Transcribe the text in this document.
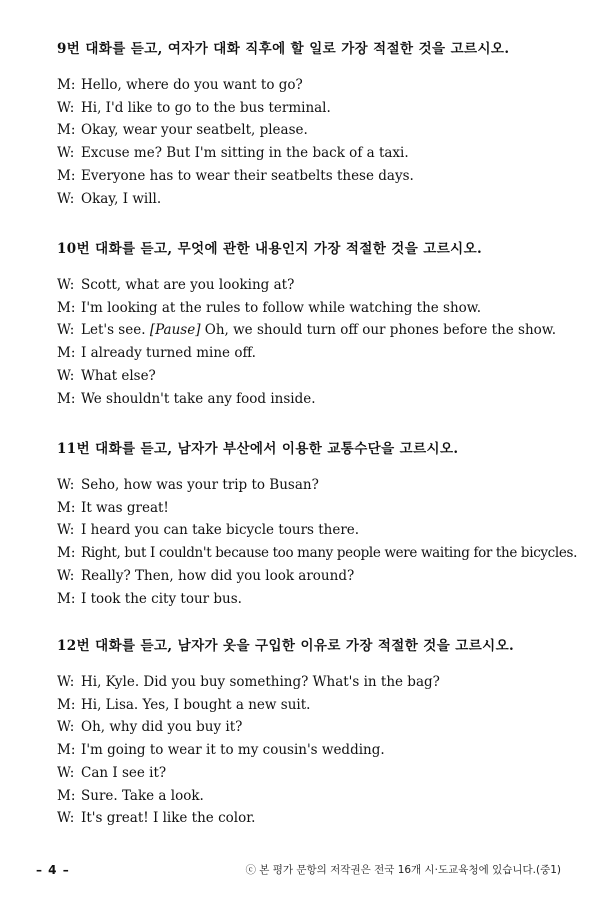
9번 대화를 듣고, 여자가 대화 직후에 할 일로 가장 적절한 것을 고르시오.
M: Hello, where do you want to go?
W: Hi, I'd like to go to the bus terminal.
M: Okay, wear your seatbelt, please.
W: Excuse me? But I'm sitting in the back of a taxi.
M: Everyone has to wear their seatbelts these days.
W: Okay, I will.
10번 대화를 듣고, 무엇에 관한 내용인지 가장 적절한 것을 고르시오.
W: Scott, what are you looking at?
M: I'm looking at the rules to follow while watching the show.
W: Let's see. [Pause] Oh, we should turn off our phones before the show.
M: I already turned mine off.
W: What else?
M: We shouldn't take any food inside.
11번 대화를 듣고, 남자가 부산에서 이용한 교통수단을 고르시오.
W: Seho, how was your trip to Busan?
M: It was great!
W: I heard you can take bicycle tours there.
M: Right, but I couldn't because too many people were waiting for the bicycles.
W: Really? Then, how did you look around?
M: I took the city tour bus.
12번 대화를 듣고, 남자가 옷을 구입한 이유로 가장 적절한 것을 고르시오.
W: Hi, Kyle. Did you buy something? What's in the bag?
M: Hi, Lisa. Yes, I bought a new suit.
W: Oh, why did you buy it?
M: I'm going to wear it to my cousin's wedding.
W: Can I see it?
M: Sure. Take a look.
W: It's great! I like the color.
– 4 –	ⓒ 본 평가 문항의 저작권은 전국 16개 시·도교육청에 있습니다.(중1)
